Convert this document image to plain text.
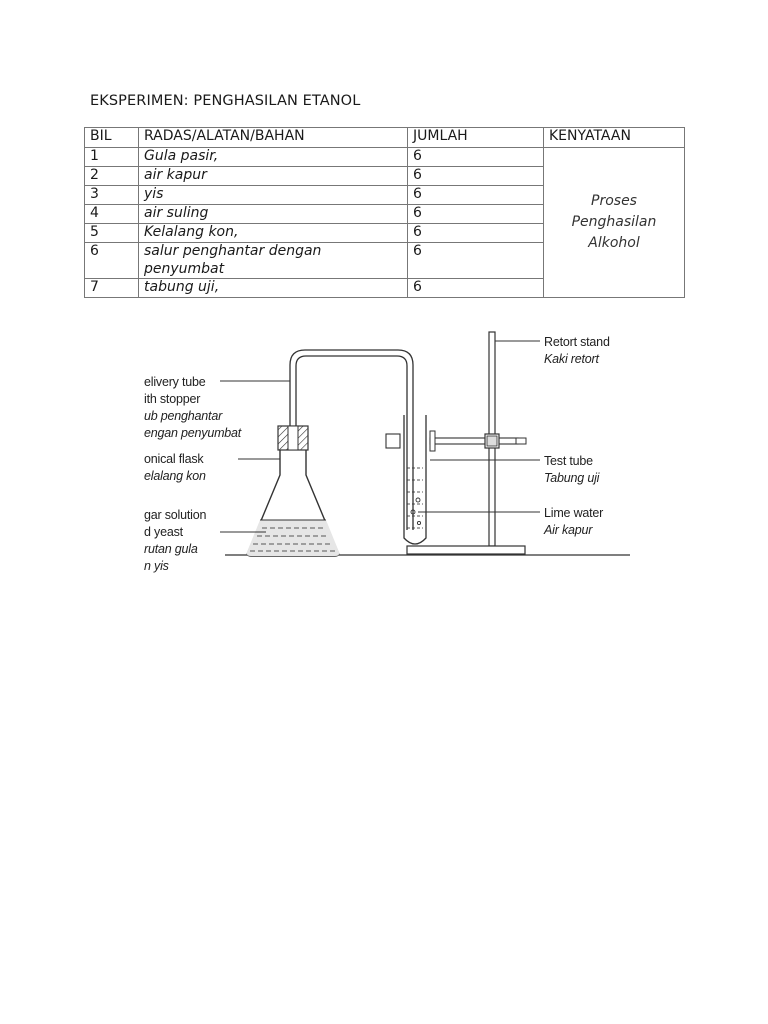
EKSPERIMEN: PENGHASILAN ETANOL
BIL	RADAS/ALATAN/BAHAN	JUMLAH	KENYATAAN
1	Gula pasir,	6	Proses
Penghasilan
Alkohol

2	air kapur	6	
3	yis	6	
4	air suling	6	
5	Kelalang kon,	6	
6	salur penghantar dengan
penyumbat	6	
7	tabung uji,	6	
elivery tube
ith stopper
ub penghantar
engan penyumbat
onical flask
elalang kon
gar solution
d yeast
rutan gula
n yis
Retort stand
Kaki retort
Test tube
Tabung uji
Lime water
Air kapur
